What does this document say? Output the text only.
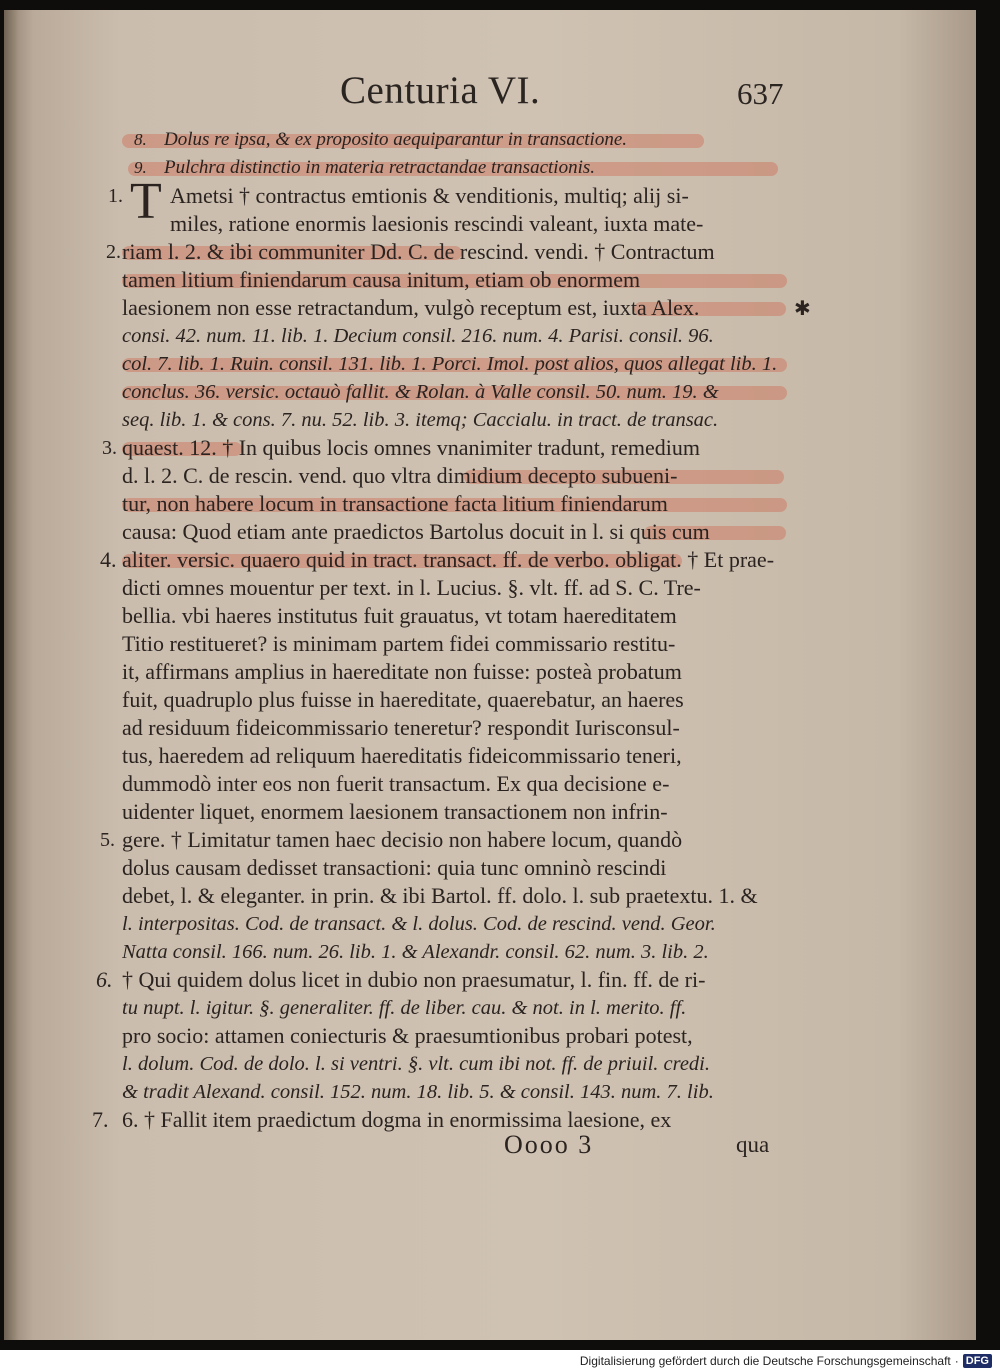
Centuria VI.	637
8.
9.
1.
2.
3.
4.
5.
6.
7.
T
Dolus re ipsa, & ex proposito aequiparantur in transactione.
Pulchra distinctio in materia retractandae transactionis.
Ametsi † contractus emtionis & venditionis, multiq; alij si-
miles, ratione enormis laesionis rescindi valeant, iuxta mate-
riam l. 2. & ibi communiter Dd. C. de rescind. vendi. † Contractum
tamen litium finiendarum causa initum, etiam ob enormem
laesionem non esse retractandum, vulgò receptum est, iuxta Alex.
consi. 42. num. 11. lib. 1. Decium consil. 216. num. 4. Parisi. consil. 96.
col. 7. lib. 1. Ruin. consil. 131. lib. 1. Porci. Imol. post alios, quos allegat lib. 1.
conclus. 36. versic. octauò fallit. & Rolan. à Valle consil. 50. num. 19. &
seq. lib. 1. & cons. 7. nu. 52. lib. 3. itemq; Caccialu. in tract. de transac.
quaest. 12. † In quibus locis omnes vnanimiter tradunt, remedium
d. l. 2. C. de rescin. vend. quo vltra dimidium decepto subueni-
tur, non habere locum in transactione facta litium finiendarum
causa: Quod etiam ante praedictos Bartolus docuit in l. si quis cum
aliter. versic. quaero quid in tract. transact. ff. de verbo. obligat. † Et prae-
dicti omnes mouentur per text. in l. Lucius. §. vlt. ff. ad S. C. Tre-
bellia. vbi haeres institutus fuit grauatus, vt totam haereditatem
Titio restitueret? is minimam partem fidei commissario restitu-
it, affirmans amplius in haereditate non fuisse: posteà probatum
fuit, quadruplo plus fuisse in haereditate, quaerebatur, an haeres
ad residuum fideicommissario teneretur? respondit Iurisconsul-
tus, haeredem ad reliquum haereditatis fideicommissario teneri,
dummodò inter eos non fuerit transactum. Ex qua decisione e-
uidenter liquet, enormem laesionem transactionem non infrin-
gere. † Limitatur tamen haec decisio non habere locum, quandò
dolus causam dedisset transactioni: quia tunc omninò rescindi
debet, l. & eleganter. in prin. & ibi Bartol. ff. dolo. l. sub praetextu. 1. &
l. interpositas. Cod. de transact. & l. dolus. Cod. de rescind. vend. Geor.
Natta consil. 166. num. 26. lib. 1. & Alexandr. consil. 62. num. 3. lib. 2.
† Qui quidem dolus licet in dubio non praesumatur, l. fin. ff. de ri-
tu nupt. l. igitur. §. generaliter. ff. de liber. cau. & not. in l. merito. ff.
pro socio: attamen coniecturis & praesumtionibus probari potest,
l. dolum. Cod. de dolo. l. si ventri. §. vlt. cum ibi not. ff. de priuil. credi.
& tradit Alexand. consil. 152. num. 18. lib. 5. & consil. 143. num. 7. lib.
6. † Fallit item praedictum dogma in enormissima laesione, ex
✱
Oooo 3	qua
Digitalisierung gefördert durch die Deutsche Forschungsgemeinschaft · DFG
